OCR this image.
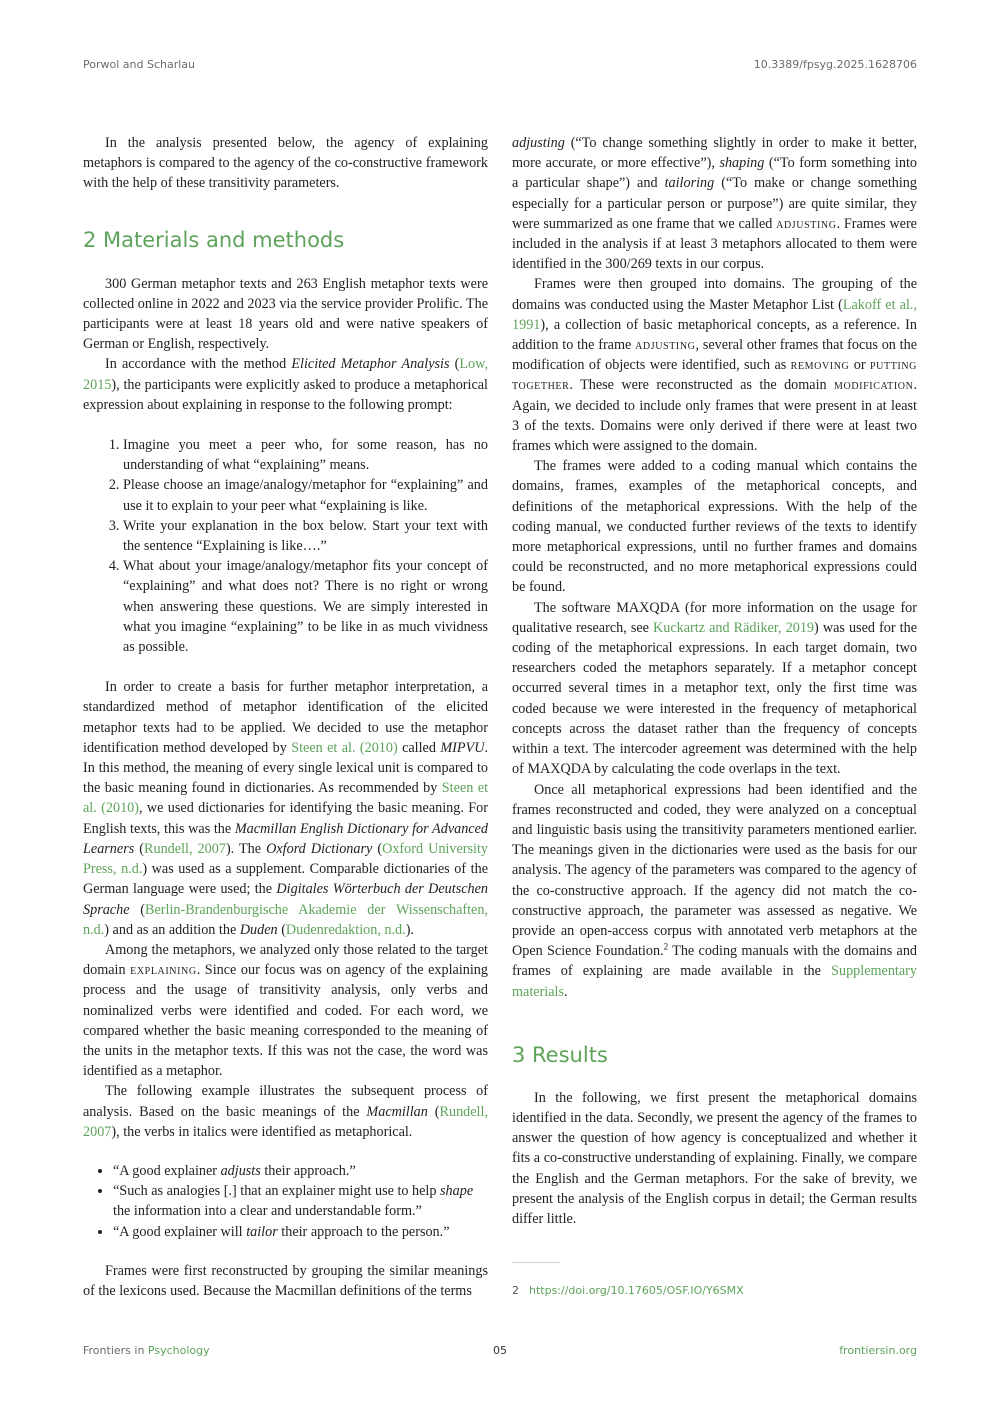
Porwol and Scharlau	10.3389/fpsyg.2025.1628706

In the analysis presented below, the agency of explaining metaphors is compared to the agency of the co-constructive framework with the help of these transitivity parameters.

2 Materials and methods

300 German metaphor texts and 263 English metaphor texts were collected online in 2022 and 2023 via the service provider Prolific. The participants were at least 18 years old and were native speakers of German or English, respectively.

In accordance with the method Elicited Metaphor Analysis (Low, 2015), the participants were explicitly asked to produce a metaphorical expression about explaining in response to the following prompt:

1. Imagine you meet a peer who, for some reason, has no understanding of what “explaining” means.
2. Please choose an image/analogy/metaphor for “explaining” and use it to explain to your peer what “explaining is like.
3. Write your explanation in the box below. Start your text with the sentence “Explaining is like….”
4. What about your image/analogy/metaphor fits your concept of “explaining” and what does not? There is no right or wrong when answering these questions. We are simply interested in what you imagine “explaining” to be like in as much vividness as possible.

In order to create a basis for further metaphor interpretation, a standardized method of metaphor identification of the elicited metaphor texts had to be applied. We decided to use the metaphor identification method developed by Steen et al. (2010) called MIPVU. In this method, the meaning of every single lexical unit is compared to the basic meaning found in dictionaries. As recommended by Steen et al. (2010), we used dictionaries for identifying the basic meaning. For English texts, this was the Macmillan English Dictionary for Advanced Learners (Rundell, 2007). The Oxford Dictionary (Oxford University Press, n.d.) was used as a supplement. Comparable dictionaries of the German language were used; the Digitales Wörterbuch der Deutschen Sprache (Berlin-Brandenburgische Akademie der Wissenschaften, n.d.) and as an addition the Duden (Dudenredaktion, n.d.).

Among the metaphors, we analyzed only those related to the target domain explaining. Since our focus was on agency of the explaining process and the usage of transitivity analysis, only verbs and nominalized verbs were identified and coded. For each word, we compared whether the basic meaning corresponded to the meaning of the units in the metaphor texts. If this was not the case, the word was identified as a metaphor.

The following example illustrates the subsequent process of analysis. Based on the basic meanings of the Macmillan (Rundell, 2007), the verbs in italics were identified as metaphorical.

• “A good explainer adjusts their approach.”
• “Such as analogies [.] that an explainer might use to help shape the information into a clear and understandable form.”
• “A good explainer will tailor their approach to the person.”

Frames were first reconstructed by grouping the similar meanings of the lexicons used. Because the Macmillan definitions of the terms

adjusting (“To change something slightly in order to make it better, more accurate, or more effective”), shaping (“To form something into a particular shape”) and tailoring (“To make or change something especially for a particular person or purpose”) are quite similar, they were summarized as one frame that we called adjusting. Frames were included in the analysis if at least 3 metaphors allocated to them were identified in the 300/269 texts in our corpus.

Frames were then grouped into domains. The grouping of the domains was conducted using the Master Metaphor List (Lakoff et al., 1991), a collection of basic metaphorical concepts, as a reference. In addition to the frame adjusting, several other frames that focus on the modification of objects were identified, such as removing or putting together. These were reconstructed as the domain modification. Again, we decided to include only frames that were present in at least 3 of the texts. Domains were only derived if there were at least two frames which were assigned to the domain.

The frames were added to a coding manual which contains the domains, frames, examples of the metaphorical concepts, and definitions of the metaphorical expressions. With the help of the coding manual, we conducted further reviews of the texts to identify more metaphorical expressions, until no further frames and domains could be reconstructed, and no more metaphorical expressions could be found.

The software MAXQDA (for more information on the usage for qualitative research, see Kuckartz and Rädiker, 2019) was used for the coding of the metaphorical expressions. In each target domain, two researchers coded the metaphors separately. If a metaphor concept occurred several times in a metaphor text, only the first time was coded because we were interested in the frequency of metaphorical concepts across the dataset rather than the frequency of concepts within a text. The intercoder agreement was determined with the help of MAXQDA by calculating the code overlaps in the text.

Once all metaphorical expressions had been identified and the frames reconstructed and coded, they were analyzed on a conceptual and linguistic basis using the transitivity parameters mentioned earlier. The meanings given in the dictionaries were used as the basis for our analysis. The agency of the parameters was compared to the agency of the co-constructive approach. If the agency did not match the co-constructive approach, the parameter was assessed as negative. We provide an open-access corpus with annotated verb metaphors at the Open Science Foundation.$^2$ The coding manuals with the domains and frames of explaining are made available in the Supplementary materials.

3 Results

In the following, we first present the metaphorical domains identified in the data. Secondly, we present the agency of the frames to answer the question of how agency is conceptualized and whether it fits a co-constructive understanding of explaining. Finally, we compare the English and the German metaphors. For the sake of brevity, we present the analysis of the English corpus in detail; the German results differ little.

2 https://doi.org/10.17605/OSF.IO/Y6SMX
Frontiers in Psychology	05	frontiersin.org
